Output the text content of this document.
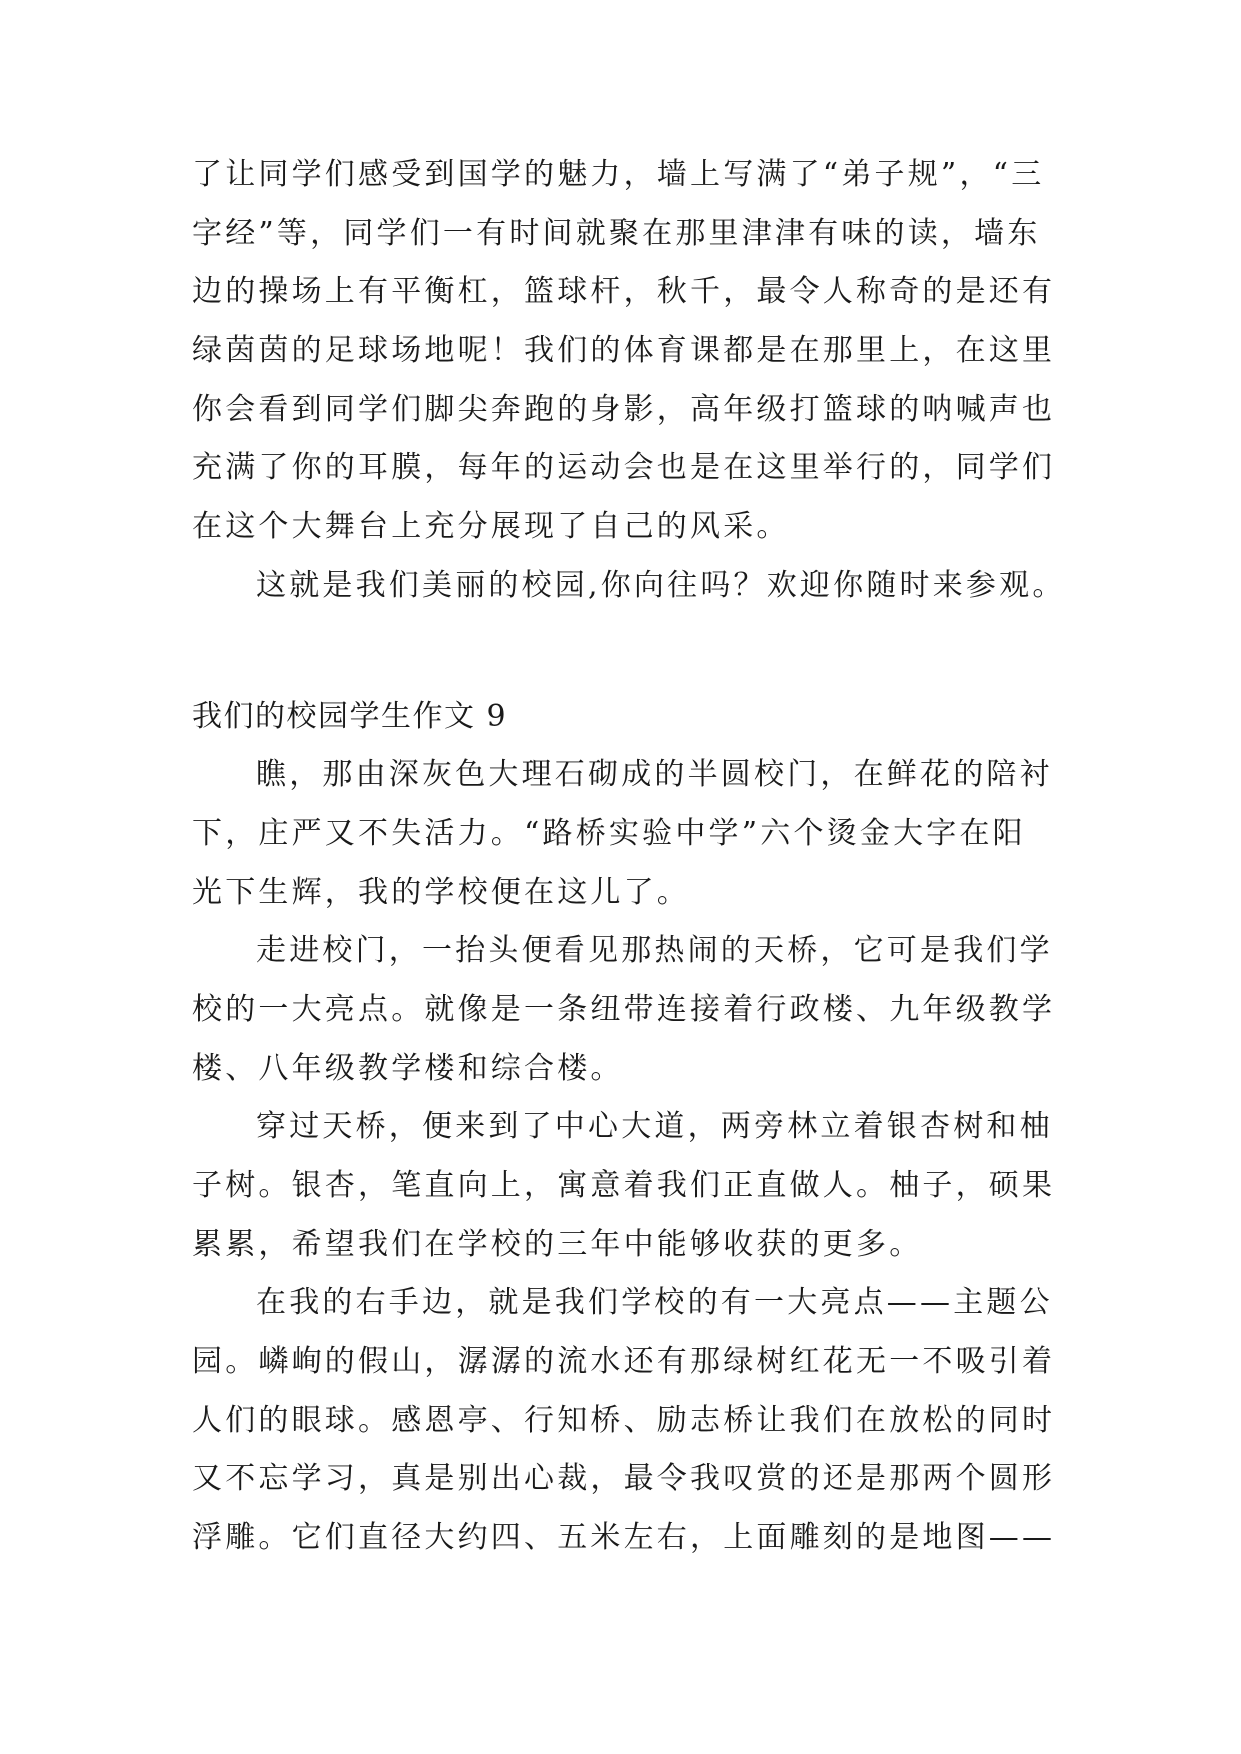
了让同学们感受到国学的魅力，墙上写满了“弟子规”，“三
字经”等，同学们一有时间就聚在那里津津有味的读，墙东
边的操场上有平衡杠，篮球杆，秋千，最令人称奇的是还有
绿茵茵的足球场地呢！我们的体育课都是在那里上，在这里
你会看到同学们脚尖奔跑的身影，高年级打篮球的呐喊声也
充满了你的耳膜，每年的运动会也是在这里举行的，同学们
在这个大舞台上充分展现了自己的风采。
这就是我们美丽的校园,你向往吗？欢迎你随时来参观。
我们的校园学生作文 9
瞧，那由深灰色大理石砌成的半圆校门，在鲜花的陪衬
下，庄严又不失活力。“路桥实验中学”六个烫金大字在阳
光下生辉，我的学校便在这儿了。
走进校门，一抬头便看见那热闹的天桥，它可是我们学
校的一大亮点。就像是一条纽带连接着行政楼、九年级教学
楼、八年级教学楼和综合楼。
穿过天桥，便来到了中心大道，两旁林立着银杏树和柚
子树。银杏，笔直向上，寓意着我们正直做人。柚子，硕果
累累，希望我们在学校的三年中能够收获的更多。
在我的右手边，就是我们学校的有一大亮点——主题公
园。嶙峋的假山，潺潺的流水还有那绿树红花无一不吸引着
人们的眼球。感恩亭、行知桥、励志桥让我们在放松的同时
又不忘学习，真是别出心裁，最令我叹赏的还是那两个圆形
浮雕。它们直径大约四、五米左右，上面雕刻的是地图——
